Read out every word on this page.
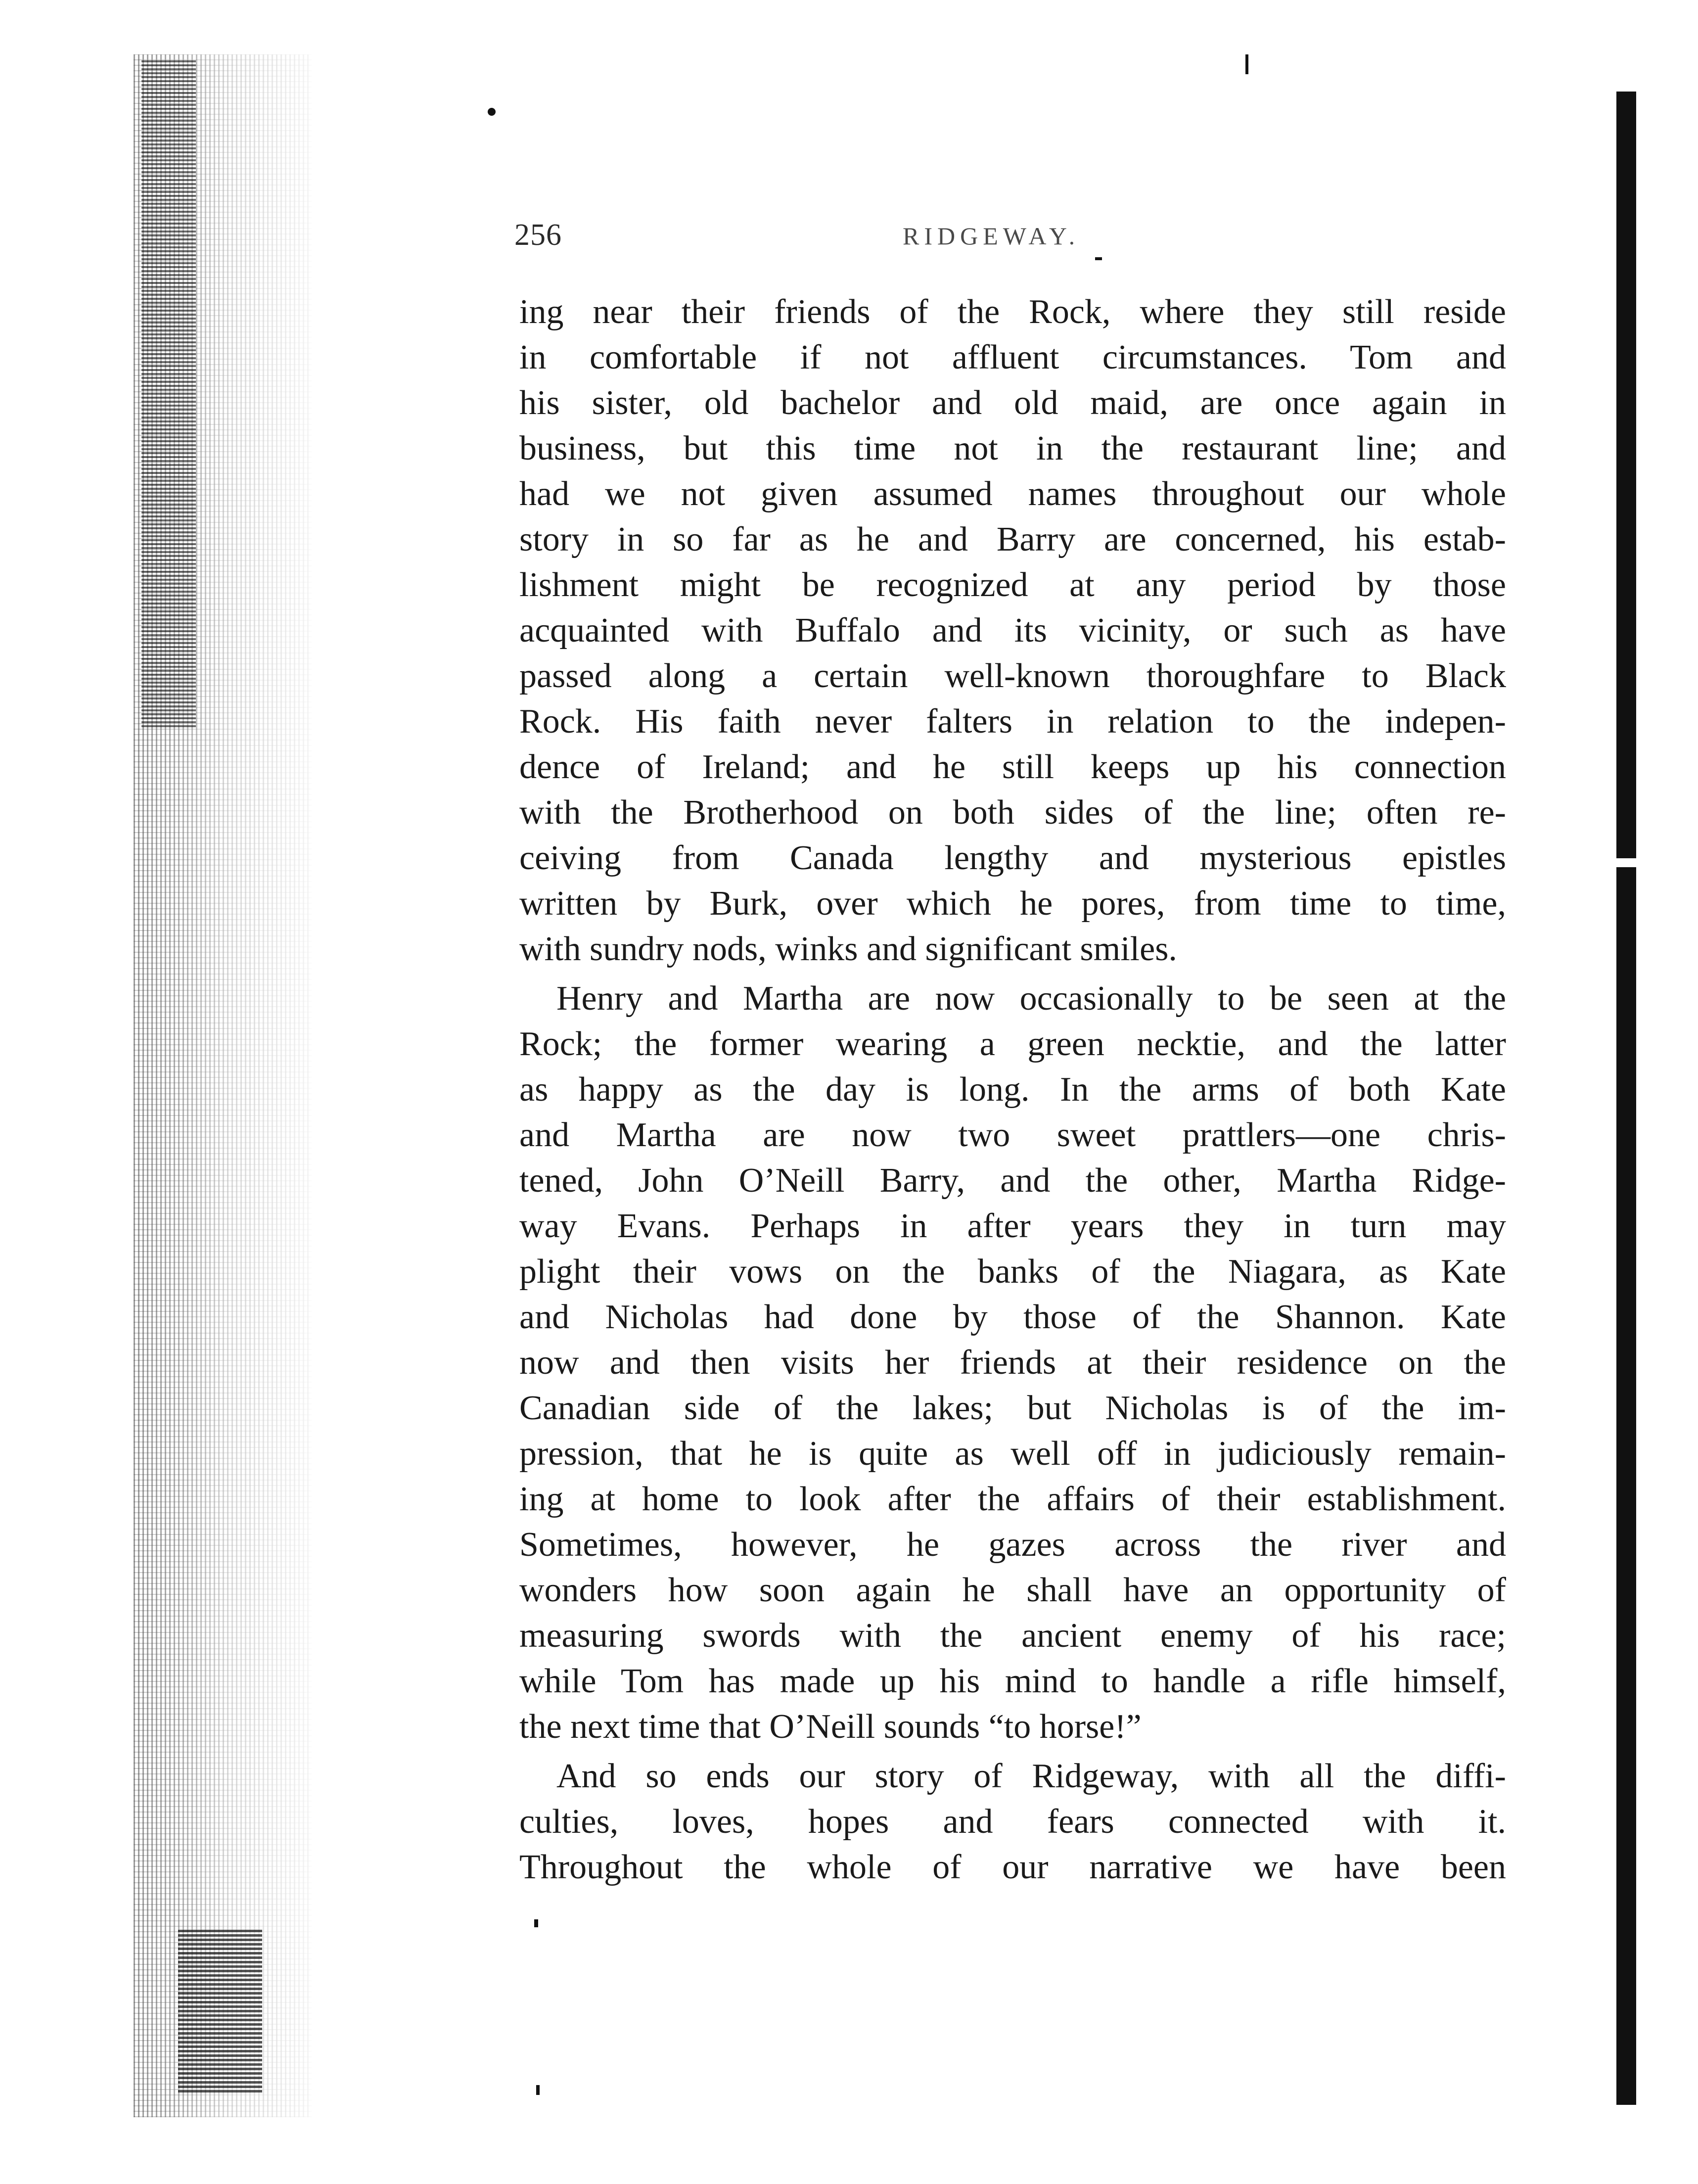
256	RIDGEWAY.

ing near their friends of the Rock, where they still reside

in comfortable if not affluent circumstances. Tom and

his sister, old bachelor and old maid, are once again in

business, but this time not in the restaurant line; and

had we not given assumed names throughout our whole

story in so far as he and Barry are concerned, his estab-

lishment might be recognized at any period by those

acquainted with Buffalo and its vicinity, or such as have

passed along a certain well-known thoroughfare to Black

Rock. His faith never falters in relation to the indepen-

dence of Ireland; and he still keeps up his connection

with the Brotherhood on both sides of the line; often re-

ceiving from Canada lengthy and mysterious epistles

written by Burk, over which he pores, from time to time,

with sundry nods, winks and significant smiles.

Henry and Martha are now occasionally to be seen at the

Rock; the former wearing a green necktie, and the latter

as happy as the day is long. In the arms of both Kate

and Martha are now two sweet prattlers—one chris-

tened, John O’Neill Barry, and the other, Martha Ridge-

way Evans. Perhaps in after years they in turn may

plight their vows on the banks of the Niagara, as Kate

and Nicholas had done by those of the Shannon. Kate

now and then visits her friends at their residence on the

Canadian side of the lakes; but Nicholas is of the im-

pression, that he is quite as well off in judiciously remain-

ing at home to look after the affairs of their establishment.

Sometimes, however, he gazes across the river and

wonders how soon again he shall have an opportunity of

measuring swords with the ancient enemy of his race;

while Tom has made up his mind to handle a rifle himself,

the next time that O’Neill sounds “to horse!”

And so ends our story of Ridgeway, with all the diffi-

culties, loves, hopes and fears connected with it.

Throughout the whole of our narrative we have been
